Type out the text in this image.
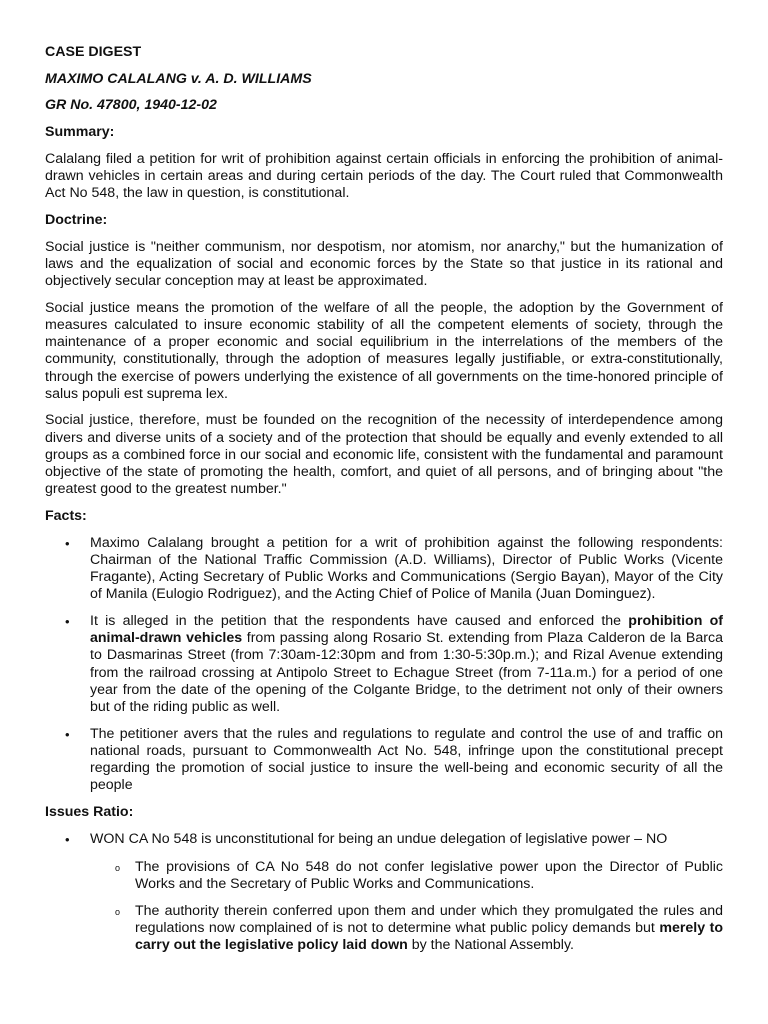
CASE DIGEST
MAXIMO CALALANG v. A. D. WILLIAMS
GR No. 47800, 1940-12-02
Summary:

Calalang filed a petition for writ of prohibition against certain officials in enforcing the prohibition of animal-drawn vehicles in certain areas and during certain periods of the day. The Court ruled that Commonwealth Act No 548, the law in question, is constitutional.

Doctrine:

Social justice is "neither communism, nor despotism, nor atomism, nor anarchy," but the humanization of laws and the equalization of social and economic forces by the State so that justice in its rational and objectively secular conception may at least be approximated.

Social justice means the promotion of the welfare of all the people, the adoption by the Government of measures calculated to insure economic stability of all the competent elements of society, through the maintenance of a proper economic and social equilibrium in the interrelations of the members of the community, constitutionally, through the adoption of measures legally justifiable, or extra-constitutionally, through the exercise of powers underlying the existence of all governments on the time-honored principle of salus populi est suprema lex.

Social justice, therefore, must be founded on the recognition of the necessity of interdependence among divers and diverse units of a society and of the protection that should be equally and evenly extended to all groups as a combined force in our social and economic life, consistent with the fundamental and paramount objective of the state of promoting the health, comfort, and quiet of all persons, and of bringing about "the greatest good to the greatest number."

Facts:
• Maximo Calalang brought a petition for a writ of prohibition against the following respondents: Chairman of the National Traffic Commission (A.D. Williams), Director of Public Works (Vicente Fragante), Acting Secretary of Public Works and Communications (Sergio Bayan), Mayor of the City of Manila (Eulogio Rodriguez), and the Acting Chief of Police of Manila (Juan Dominguez).
• It is alleged in the petition that the respondents have caused and enforced the prohibition of animal-drawn vehicles from passing along Rosario St. extending from Plaza Calderon de la Barca to Dasmarinas Street (from 7:30am-12:30pm and from 1:30-5:30p.m.); and Rizal Avenue extending from the railroad crossing at Antipolo Street to Echague Street (from 7-11a.m.) for a period of one year from the date of the opening of the Colgante Bridge, to the detriment not only of their owners but of the riding public as well.
• The petitioner avers that the rules and regulations to regulate and control the use of and traffic on national roads, pursuant to Commonwealth Act No. 548, infringe upon the constitutional precept regarding the promotion of social justice to insure the well-being and economic security of all the people
Issues Ratio:
• WON CA No 548 is unconstitutional for being an undue delegation of legislative power – NO
o The provisions of CA No 548 do not confer legislative power upon the Director of Public Works and the Secretary of Public Works and Communications.
o The authority therein conferred upon them and under which they promulgated the rules and regulations now complained of is not to determine what public policy demands but merely to carry out the legislative policy laid down by the National Assembly.
